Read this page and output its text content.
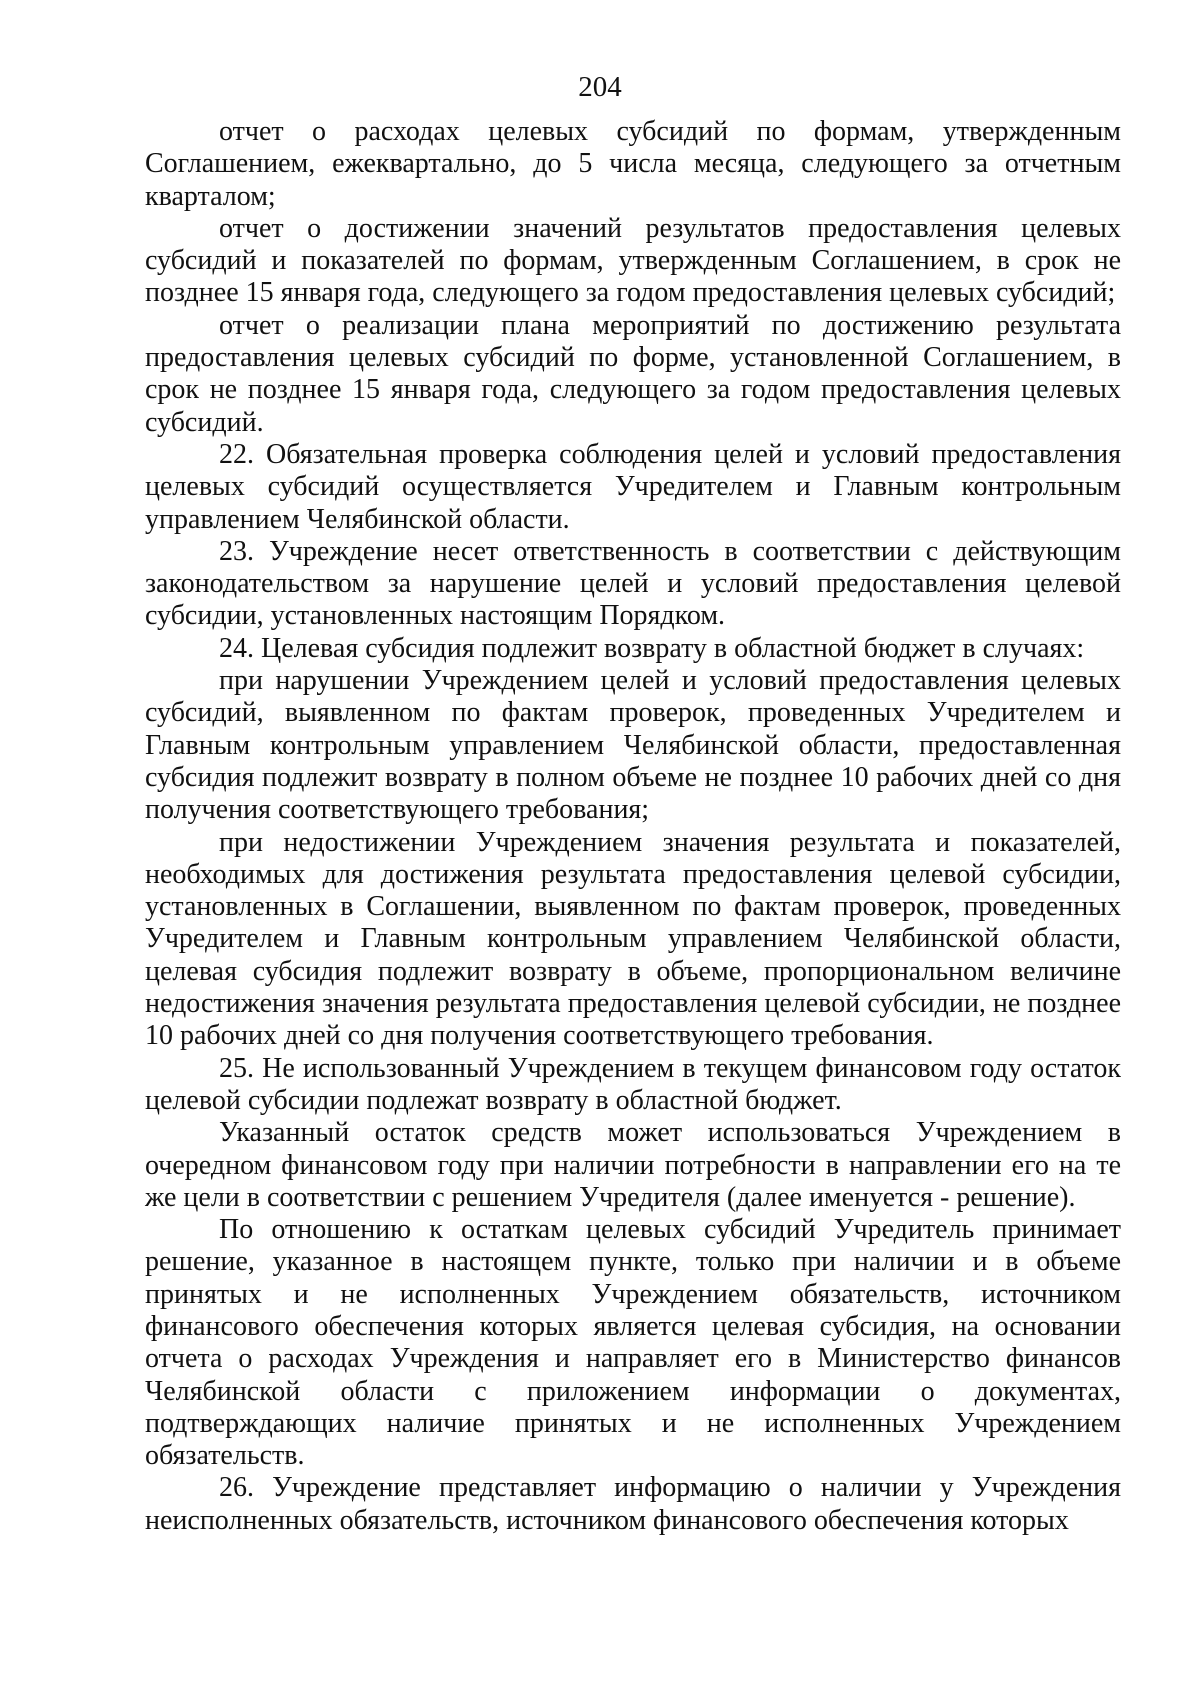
204

отчет о расходах целевых субсидий по формам, утвержденным Соглашением, ежеквартально, до 5 числа месяца, следующего за отчетным кварталом;

отчет о достижении значений результатов предоставления целевых субсидий и показателей по формам, утвержденным Соглашением, в срок не позднее 15 января года, следующего за годом предоставления целевых субсидий;

отчет о реализации плана мероприятий по достижению результата предоставления целевых субсидий по форме, установленной Соглашением, в срок не позднее 15 января года, следующего за годом предоставления целевых субсидий.

22. Обязательная проверка соблюдения целей и условий предоставления целевых субсидий осуществляется Учредителем и Главным контрольным управлением Челябинской области.

23. Учреждение несет ответственность в соответствии с действующим законодательством за нарушение целей и условий предоставления целевой субсидии, установленных настоящим Порядком.

24. Целевая субсидия подлежит возврату в областной бюджет в случаях:

при нарушении Учреждением целей и условий предоставления целевых субсидий, выявленном по фактам проверок, проведенных Учредителем и Главным контрольным управлением Челябинской области, предоставленная субсидия подлежит возврату в полном объеме не позднее 10 рабочих дней со дня получения соответствующего требования;

при недостижении Учреждением значения результата и показателей, необходимых для достижения результата предоставления целевой субсидии, установленных в Соглашении, выявленном по фактам проверок, проведенных Учредителем и Главным контрольным управлением Челябинской области, целевая субсидия подлежит возврату в объеме, пропорциональном величине недостижения значения результата предоставления целевой субсидии, не позднее 10 рабочих дней со дня получения соответствующего требования.

25. Не использованный Учреждением в текущем финансовом году остаток целевой субсидии подлежат возврату в областной бюджет.

Указанный остаток средств может использоваться Учреждением в очередном финансовом году при наличии потребности в направлении его на те же цели в соответствии с решением Учредителя (далее именуется - решение).

По отношению к остаткам целевых субсидий Учредитель принимает решение, указанное в настоящем пункте, только при наличии и в объеме принятых и не исполненных Учреждением обязательств, источником финансового обеспечения которых является целевая субсидия, на основании отчета о расходах Учреждения и направляет его в Министерство финансов Челябинской области с приложением информации о документах, подтверждающих наличие принятых и не исполненных Учреждением обязательств.

26. Учреждение представляет информацию о наличии у Учреждения неисполненных обязательств, источником финансового обеспечения которых
